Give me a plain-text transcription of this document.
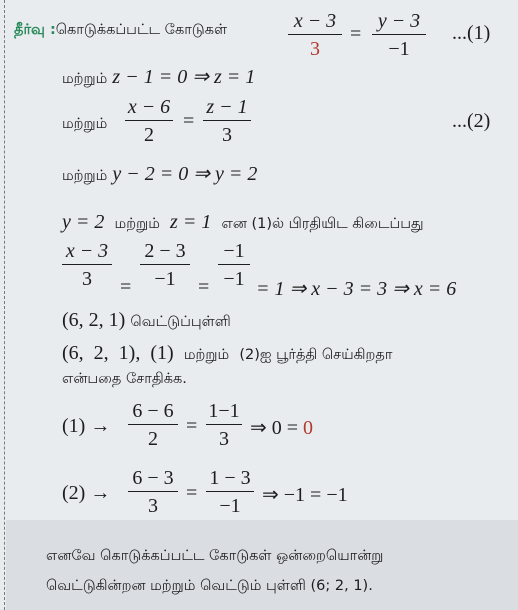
தீர்வு :கொடுக்கப்பட்ட கோடுகள்	x − 3
3
=
y − 3
−1
...(1)
மற்றும் z − 1 = 0 ⇒ z = 1
மற்றும்
x − 6
2
=
z − 1
3
...(2)
மற்றும் y − 2 = 0 ⇒ y = 2
y = 2 மற்றும் z = 1 என (1)ல் பிரதியிட கிடைப்பது
x − 3
3	=
2 − 3
−1	=
−1
−1 = 1 ⇒ x − 3 = 3 ⇒ x = 6
(6, 2, 1) வெட்டுப்புள்ளி
(6,  2,  1),  (1) மற்றும் (2)ஐ பூர்த்தி செய்கிறதா
என்பதை சோதிக்க.
(1) →
6 − 6
2
=
1−1
3	⇒ 0 = 0
(2) →
6 − 3
3
=
1 − 3
−1	⇒ −1 = −1
எனவே கொடுக்கப்பட்ட கோடுகள் ஒன்றையொன்று
வெட்டுகின்றன மற்றும் வெட்டும் புள்ளி (6; 2, 1).
